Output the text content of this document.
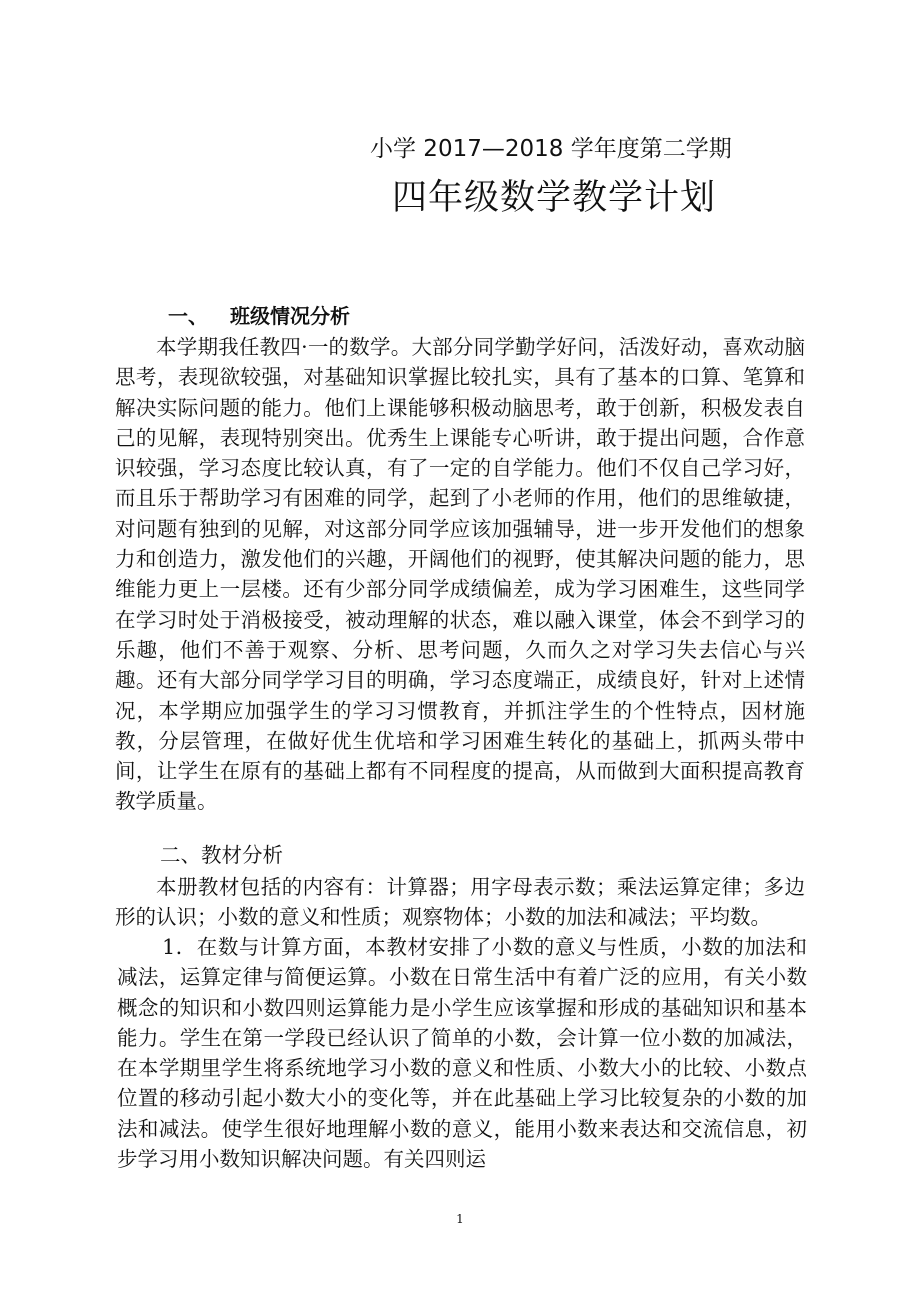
小学 2017—2018 学年度第二学期
四年级数学教学计划
一、 班级情况分析
本学期我任教四·一的数学。大部分同学勤学好问，活泼好动，喜欢动脑思考，表现欲较强，对基础知识掌握比较扎实，具有了基本的口算、笔算和解决实际问题的能力。他们上课能够积极动脑思考，敢于创新，积极发表自己的见解，表现特别突出。优秀生上课能专心听讲，敢于提出问题，合作意识较强，学习态度比较认真，有了一定的自学能力。他们不仅自己学习好，而且乐于帮助学习有困难的同学，起到了小老师的作用，他们的思维敏捷，对问题有独到的见解，对这部分同学应该加强辅导，进一步开发他们的想象力和创造力，激发他们的兴趣，开阔他们的视野，使其解决问题的能力，思维能力更上一层楼。还有少部分同学成绩偏差，成为学习困难生，这些同学在学习时处于消极接受，被动理解的状态，难以融入课堂，体会不到学习的乐趣，他们不善于观察、分析、思考问题，久而久之对学习失去信心与兴趣。还有大部分同学学习目的明确，学习态度端正，成绩良好，针对上述情况，本学期应加强学生的学习习惯教育，并抓注学生的个性特点，因材施教，分层管理，在做好优生优培和学习困难生转化的基础上，抓两头带中间，让学生在原有的基础上都有不同程度的提高，从而做到大面积提高教育教学质量。
二、教材分析
本册教材包括的内容有：计算器；用字母表示数；乘法运算定律；多边形的认识；小数的意义和性质；观察物体；小数的加法和减法；平均数。
1．在数与计算方面，本教材安排了小数的意义与性质，小数的加法和减法，运算定律与简便运算。小数在日常生活中有着广泛的应用，有关小数概念的知识和小数四则运算能力是小学生应该掌握和形成的基础知识和基本能力。学生在第一学段已经认识了简单的小数，会计算一位小数的加减法，在本学期里学生将系统地学习小数的意义和性质、小数大小的比较、小数点位置的移动引起小数大小的变化等，并在此基础上学习比较复杂的小数的加法和减法。使学生很好地理解小数的意义，能用小数来表达和交流信息，初步学习用小数知识解决问题。有关四则运
1
